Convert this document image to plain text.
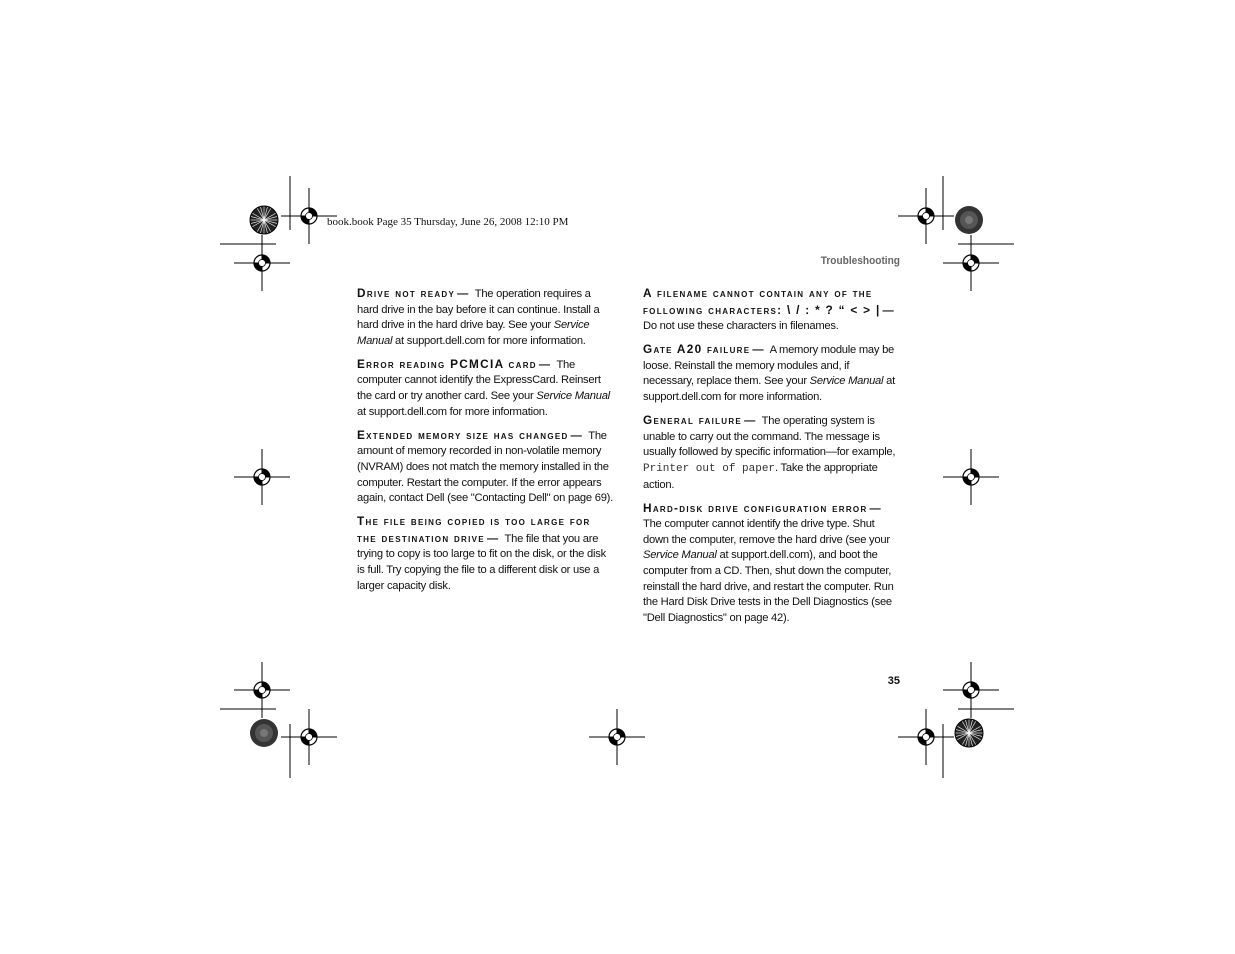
book.book Page 35 Thursday, June 26, 2008 12:10 PM
Troubleshooting
35

Drive not ready — The operation requires a hard drive in the bay before it can continue. Install a hard drive in the hard drive bay. See your Service Manual at support.dell.com for more information.

Error reading PCMCIA card — The computer cannot identify the ExpressCard. Reinsert the card or try another card. See your Service Manual at support.dell.com for more information.

Extended memory size has changed — The amount of memory recorded in non-volatile memory (NVRAM) does not match the memory installed in the computer. Restart the computer. If the error appears again, contact Dell (see "Contacting Dell" on page 69).

The file being copied is too large for the destination drive — The file that you are trying to copy is too large to fit on the disk, or the disk is full. Try copying the file to a different disk or use a larger capacity disk.

A filename cannot contain any of the following characters: \ / : * ? “ < > | — Do not use these characters in filenames.

Gate A20 failure — A memory module may be loose. Reinstall the memory modules and, if necessary, replace them. See your Service Manual at support.dell.com for more information.

General failure — The operating system is unable to carry out the command. The message is usually followed by specific information—for example, Printer out of paper. Take the appropriate action.

Hard-disk drive configuration error — The computer cannot identify the drive type. Shut down the computer, remove the hard drive (see your Service Manual at support.dell.com), and boot the computer from a CD. Then, shut down the computer, reinstall the hard drive, and restart the computer. Run the Hard Disk Drive tests in the Dell Diagnostics (see "Dell Diagnostics" on page 42).
